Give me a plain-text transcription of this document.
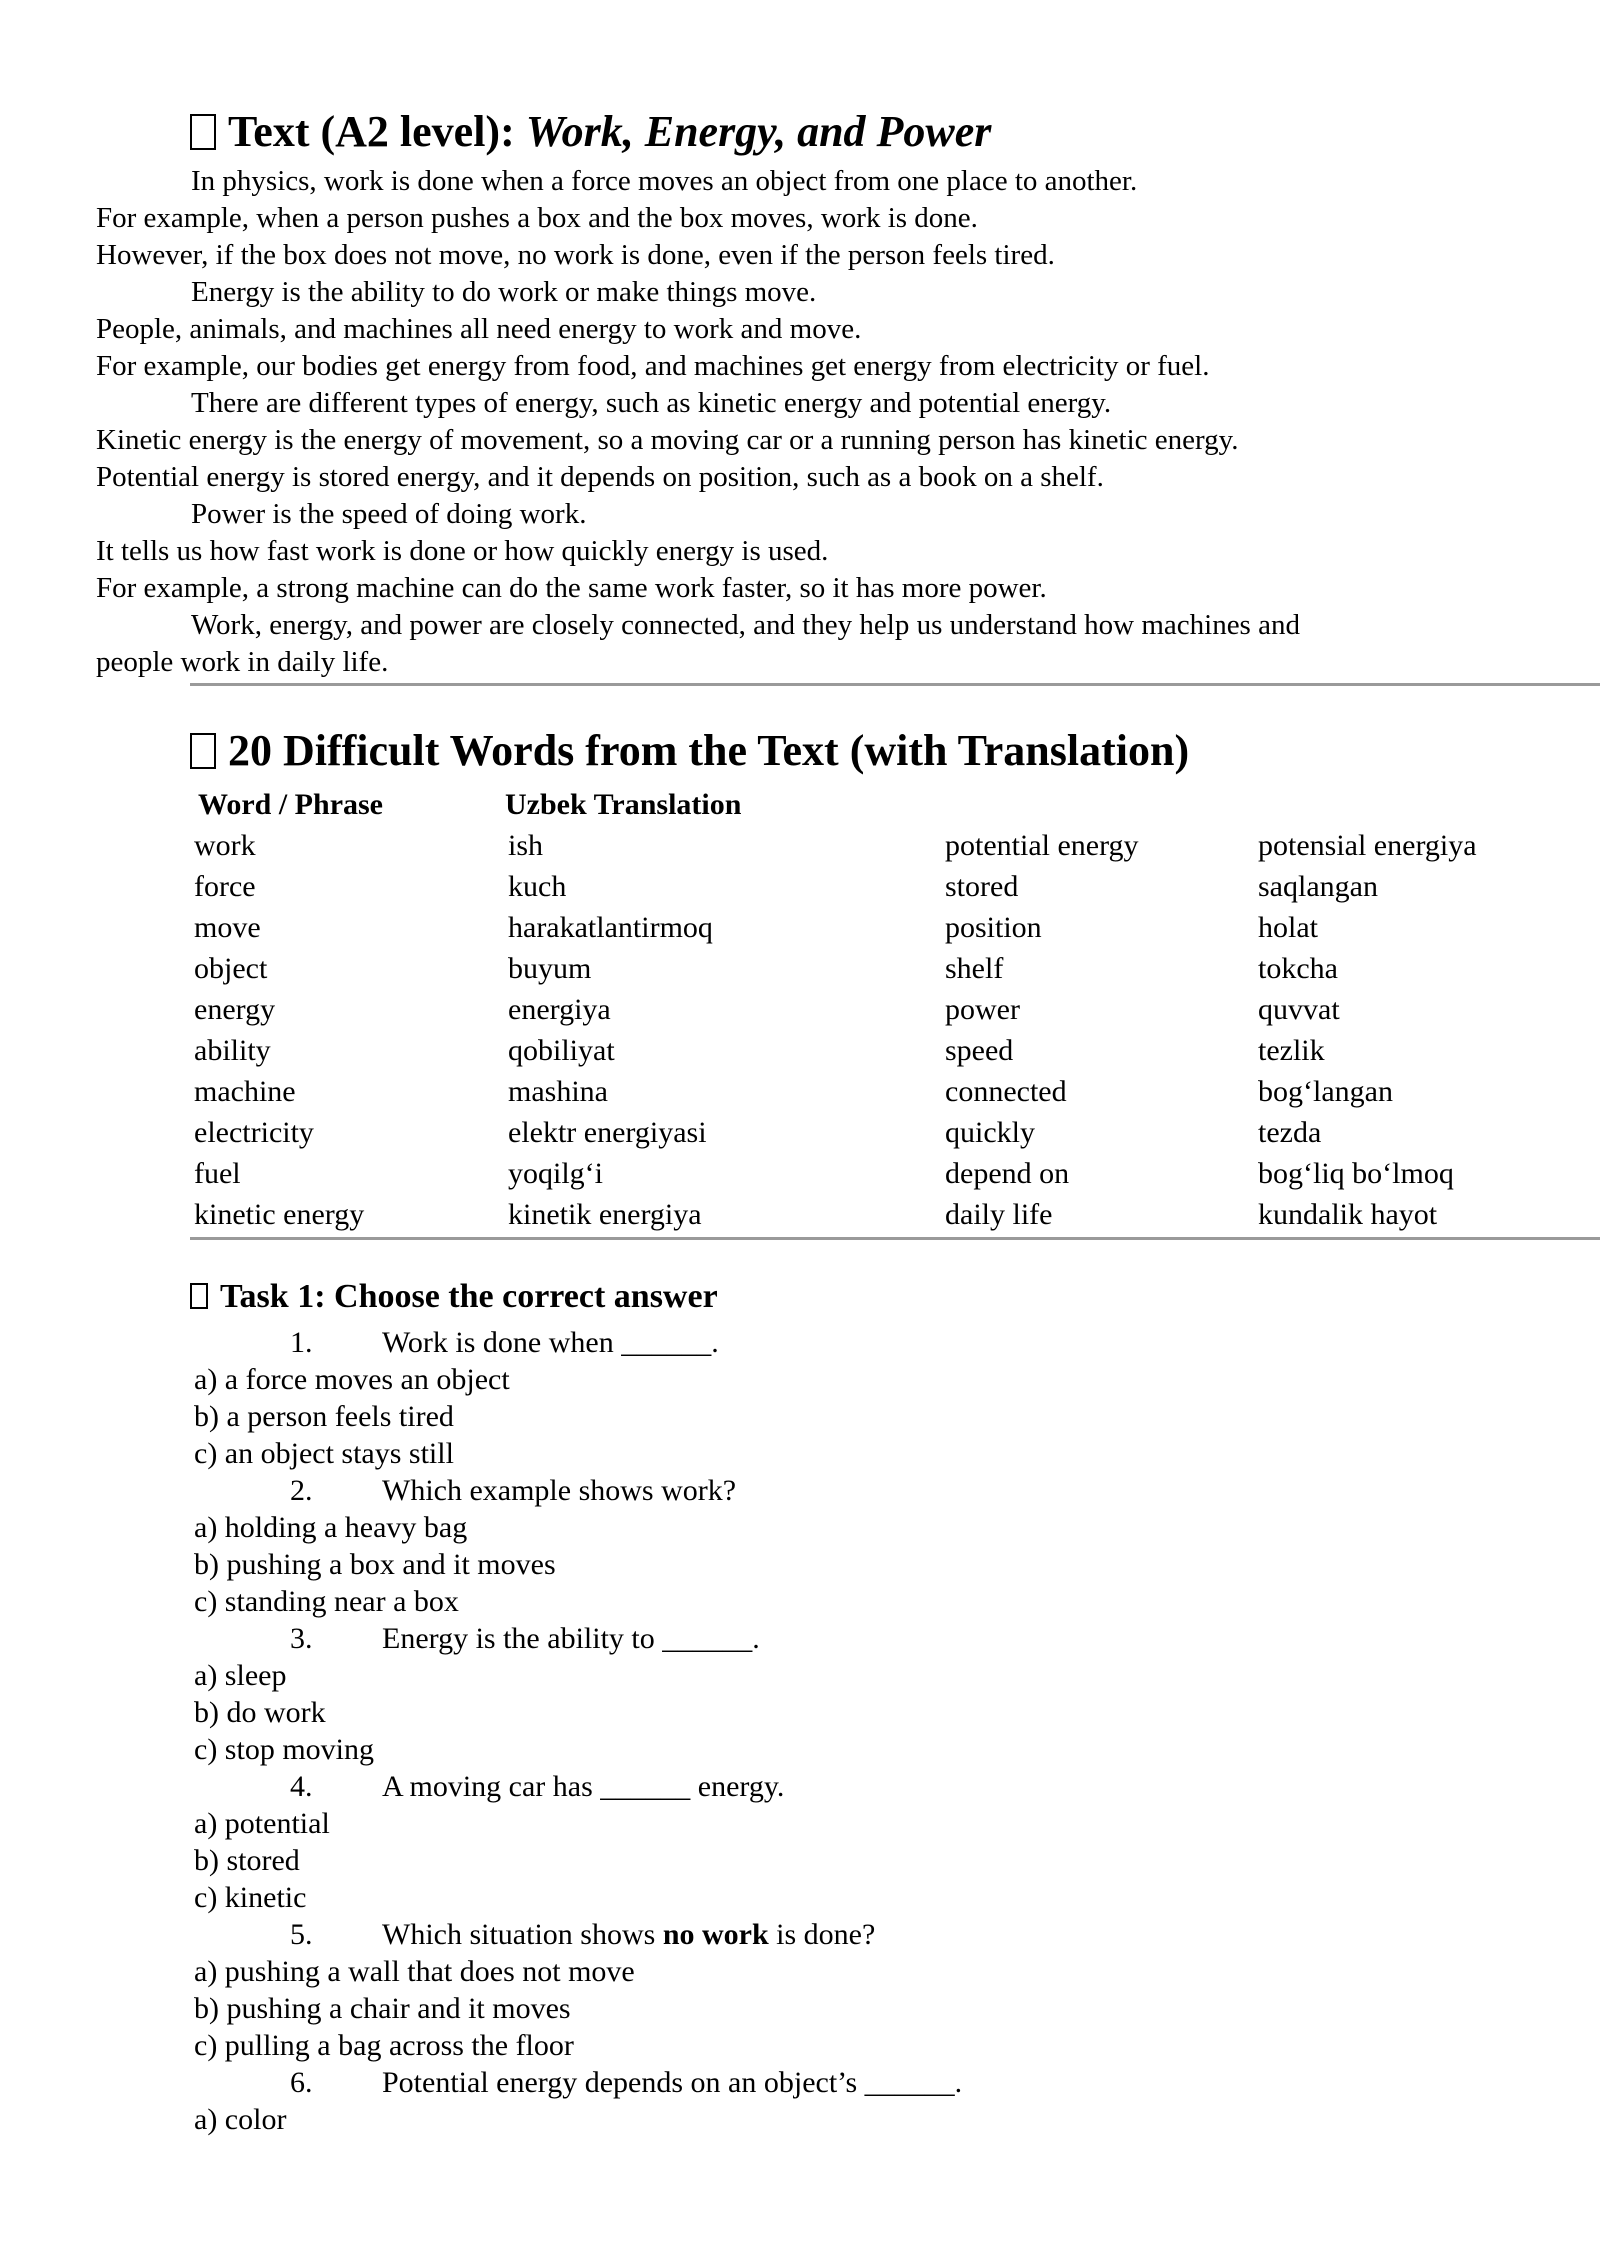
Text (A2 level): Work, Energy, and Power
In physics, work is done when a force moves an object from one place to another.
For example, when a person pushes a box and the box moves, work is done.
However, if the box does not move, no work is done, even if the person feels tired.
Energy is the ability to do work or make things move.
People, animals, and machines all need energy to work and move.
For example, our bodies get energy from food, and machines get energy from electricity or fuel.
There are different types of energy, such as kinetic energy and potential energy.
Kinetic energy is the energy of movement, so a moving car or a running person has kinetic energy.
Potential energy is stored energy, and it depends on position, such as a book on a shelf.
Power is the speed of doing work.
It tells us how fast work is done or how quickly energy is used.
For example, a strong machine can do the same work faster, so it has more power.
Work, energy, and power are closely connected, and they help us understand how machines and
people work in daily life.
20 Difficult Words from the Text (with Translation)
Word / Phrase	Uzbek Translation
work	ish	potential energy	potensial energiya
force	kuch	stored	saqlangan
move	harakatlantirmoq	position	holat
object	buyum	shelf	tokcha
energy	energiya	power	quvvat
ability	qobiliyat	speed	tezlik
machine	mashina	connected	bog‘langan
electricity	elektr energiyasi	quickly	tezda
fuel	yoqilg‘i	depend on	bog‘liq bo‘lmoq
kinetic energy	kinetik energiya	daily life	kundalik hayot
Task 1: Choose the correct answer
1. Work is done when ______.
a) a force moves an object
b) a person feels tired
c) an object stays still
2. Which example shows work?
a) holding a heavy bag
b) pushing a box and it moves
c) standing near a box
3. Energy is the ability to ______.
a) sleep
b) do work
c) stop moving
4. A moving car has ______ energy.
a) potential
b) stored
c) kinetic
5. Which situation shows no work is done?
a) pushing a wall that does not move
b) pushing a chair and it moves
c) pulling a bag across the floor
6. Potential energy depends on an object’s ______.
a) color
